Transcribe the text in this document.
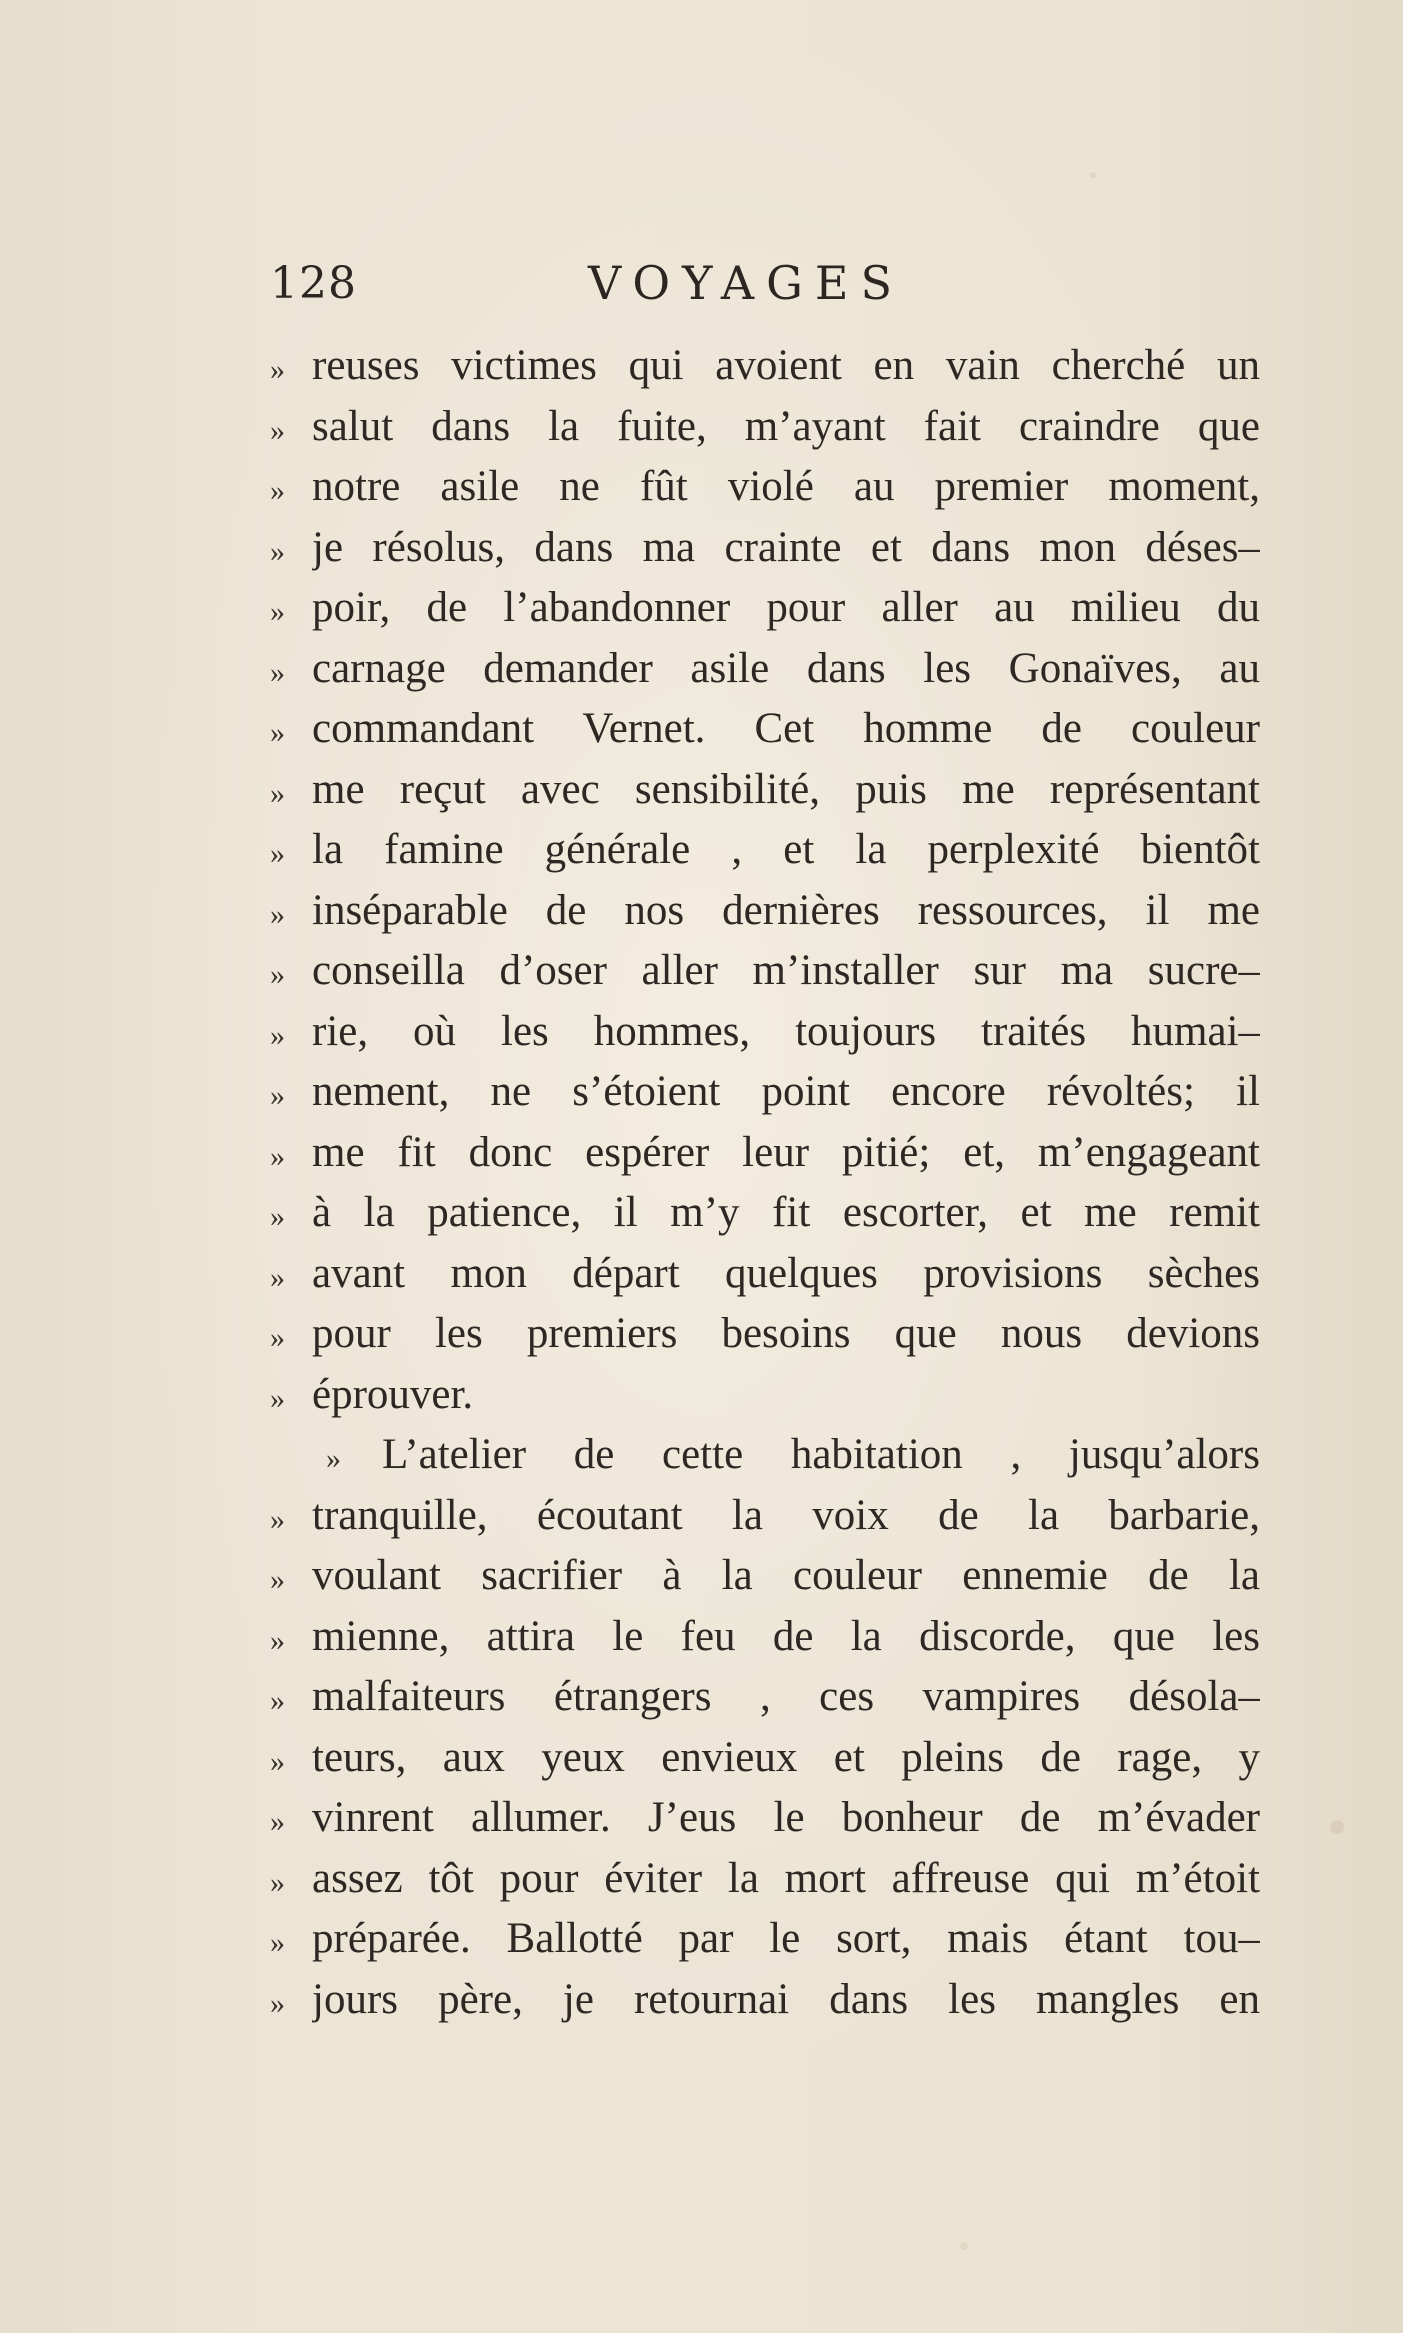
128	VOYAGES
» reuses victimes qui avoient en vain cherché un
» salut dans la fuite, m’ayant fait craindre que
» notre asile ne fût violé au premier moment,
» je résolus, dans ma crainte et dans mon déses–
» poir, de l’abandonner pour aller au milieu du
» carnage demander asile dans les Gonaïves, au
» commandant Vernet. Cet homme de couleur
» me reçut avec sensibilité, puis me représentant
» la famine générale , et la perplexité bientôt
» inséparable de nos dernières ressources, il me
» conseilla d’oser aller m’installer sur ma sucre–
» rie, où les hommes, toujours traités humai–
» nement, ne s’étoient point encore révoltés; il
» me fit donc espérer leur pitié; et, m’engageant
» à la patience, il m’y fit escorter, et me remit
» avant mon départ quelques provisions sèches
» pour les premiers besoins que nous devions
» éprouver.
» L’atelier de cette habitation , jusqu’alors
» tranquille, écoutant la voix de la barbarie,
» voulant sacrifier à la couleur ennemie de la
» mienne, attira le feu de la discorde, que les
» malfaiteurs étrangers , ces vampires désola–
» teurs, aux yeux envieux et pleins de rage, y
» vinrent allumer. J’eus le bonheur de m’évader
» assez tôt pour éviter la mort affreuse qui m’étoit
» préparée. Ballotté par le sort, mais étant tou–
» jours père, je retournai dans les mangles en
